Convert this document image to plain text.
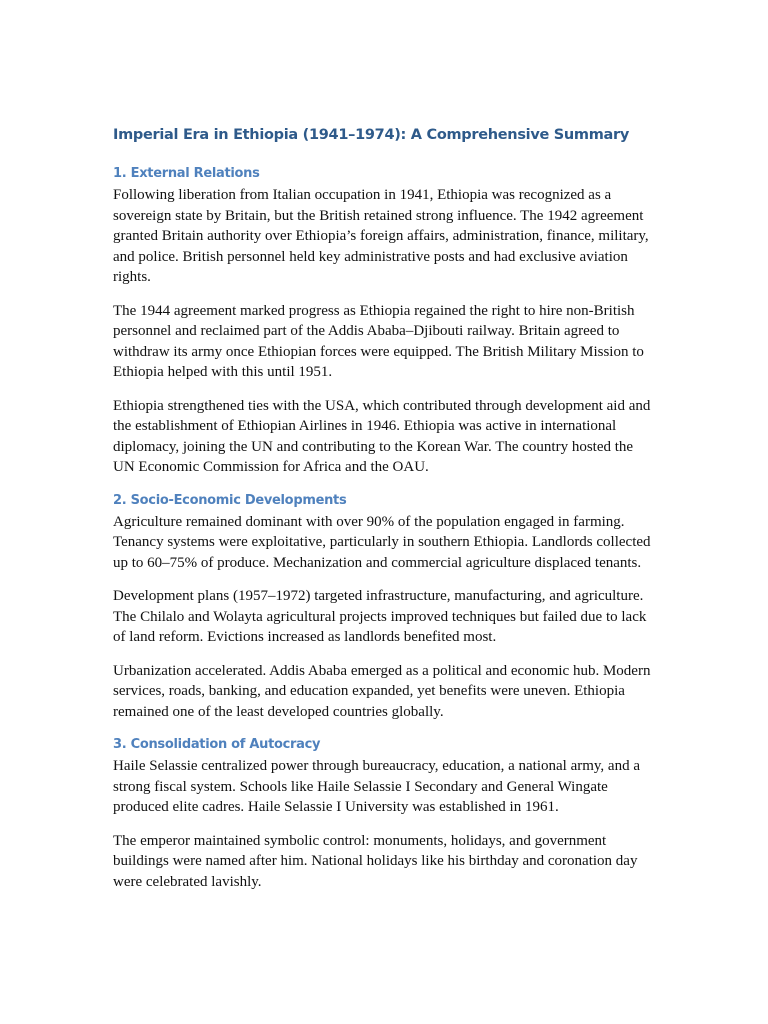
Imperial Era in Ethiopia (1941–1974): A Comprehensive Summary
1. External Relations

Following liberation from Italian occupation in 1941, Ethiopia was recognized as a sovereign state by Britain, but the British retained strong influence. The 1942 agreement granted Britain authority over Ethiopia’s foreign affairs, administration, finance, military, and police. British personnel held key administrative posts and had exclusive aviation rights.

The 1944 agreement marked progress as Ethiopia regained the right to hire non-British personnel and reclaimed part of the Addis Ababa–Djibouti railway. Britain agreed to withdraw its army once Ethiopian forces were equipped. The British Military Mission to Ethiopia helped with this until 1951.

Ethiopia strengthened ties with the USA, which contributed through development aid and the establishment of Ethiopian Airlines in 1946. Ethiopia was active in international diplomacy, joining the UN and contributing to the Korean War. The country hosted the UN Economic Commission for Africa and the OAU.

2. Socio-Economic Developments

Agriculture remained dominant with over 90% of the population engaged in farming. Tenancy systems were exploitative, particularly in southern Ethiopia. Landlords collected up to 60–75% of produce. Mechanization and commercial agriculture displaced tenants.

Development plans (1957–1972) targeted infrastructure, manufacturing, and agriculture. The Chilalo and Wolayta agricultural projects improved techniques but failed due to lack of land reform. Evictions increased as landlords benefited most.

Urbanization accelerated. Addis Ababa emerged as a political and economic hub. Modern services, roads, banking, and education expanded, yet benefits were uneven. Ethiopia remained one of the least developed countries globally.

3. Consolidation of Autocracy

Haile Selassie centralized power through bureaucracy, education, a national army, and a strong fiscal system. Schools like Haile Selassie I Secondary and General Wingate produced elite cadres. Haile Selassie I University was established in 1961.

The emperor maintained symbolic control: monuments, holidays, and government buildings were named after him. National holidays like his birthday and coronation day were celebrated lavishly.
